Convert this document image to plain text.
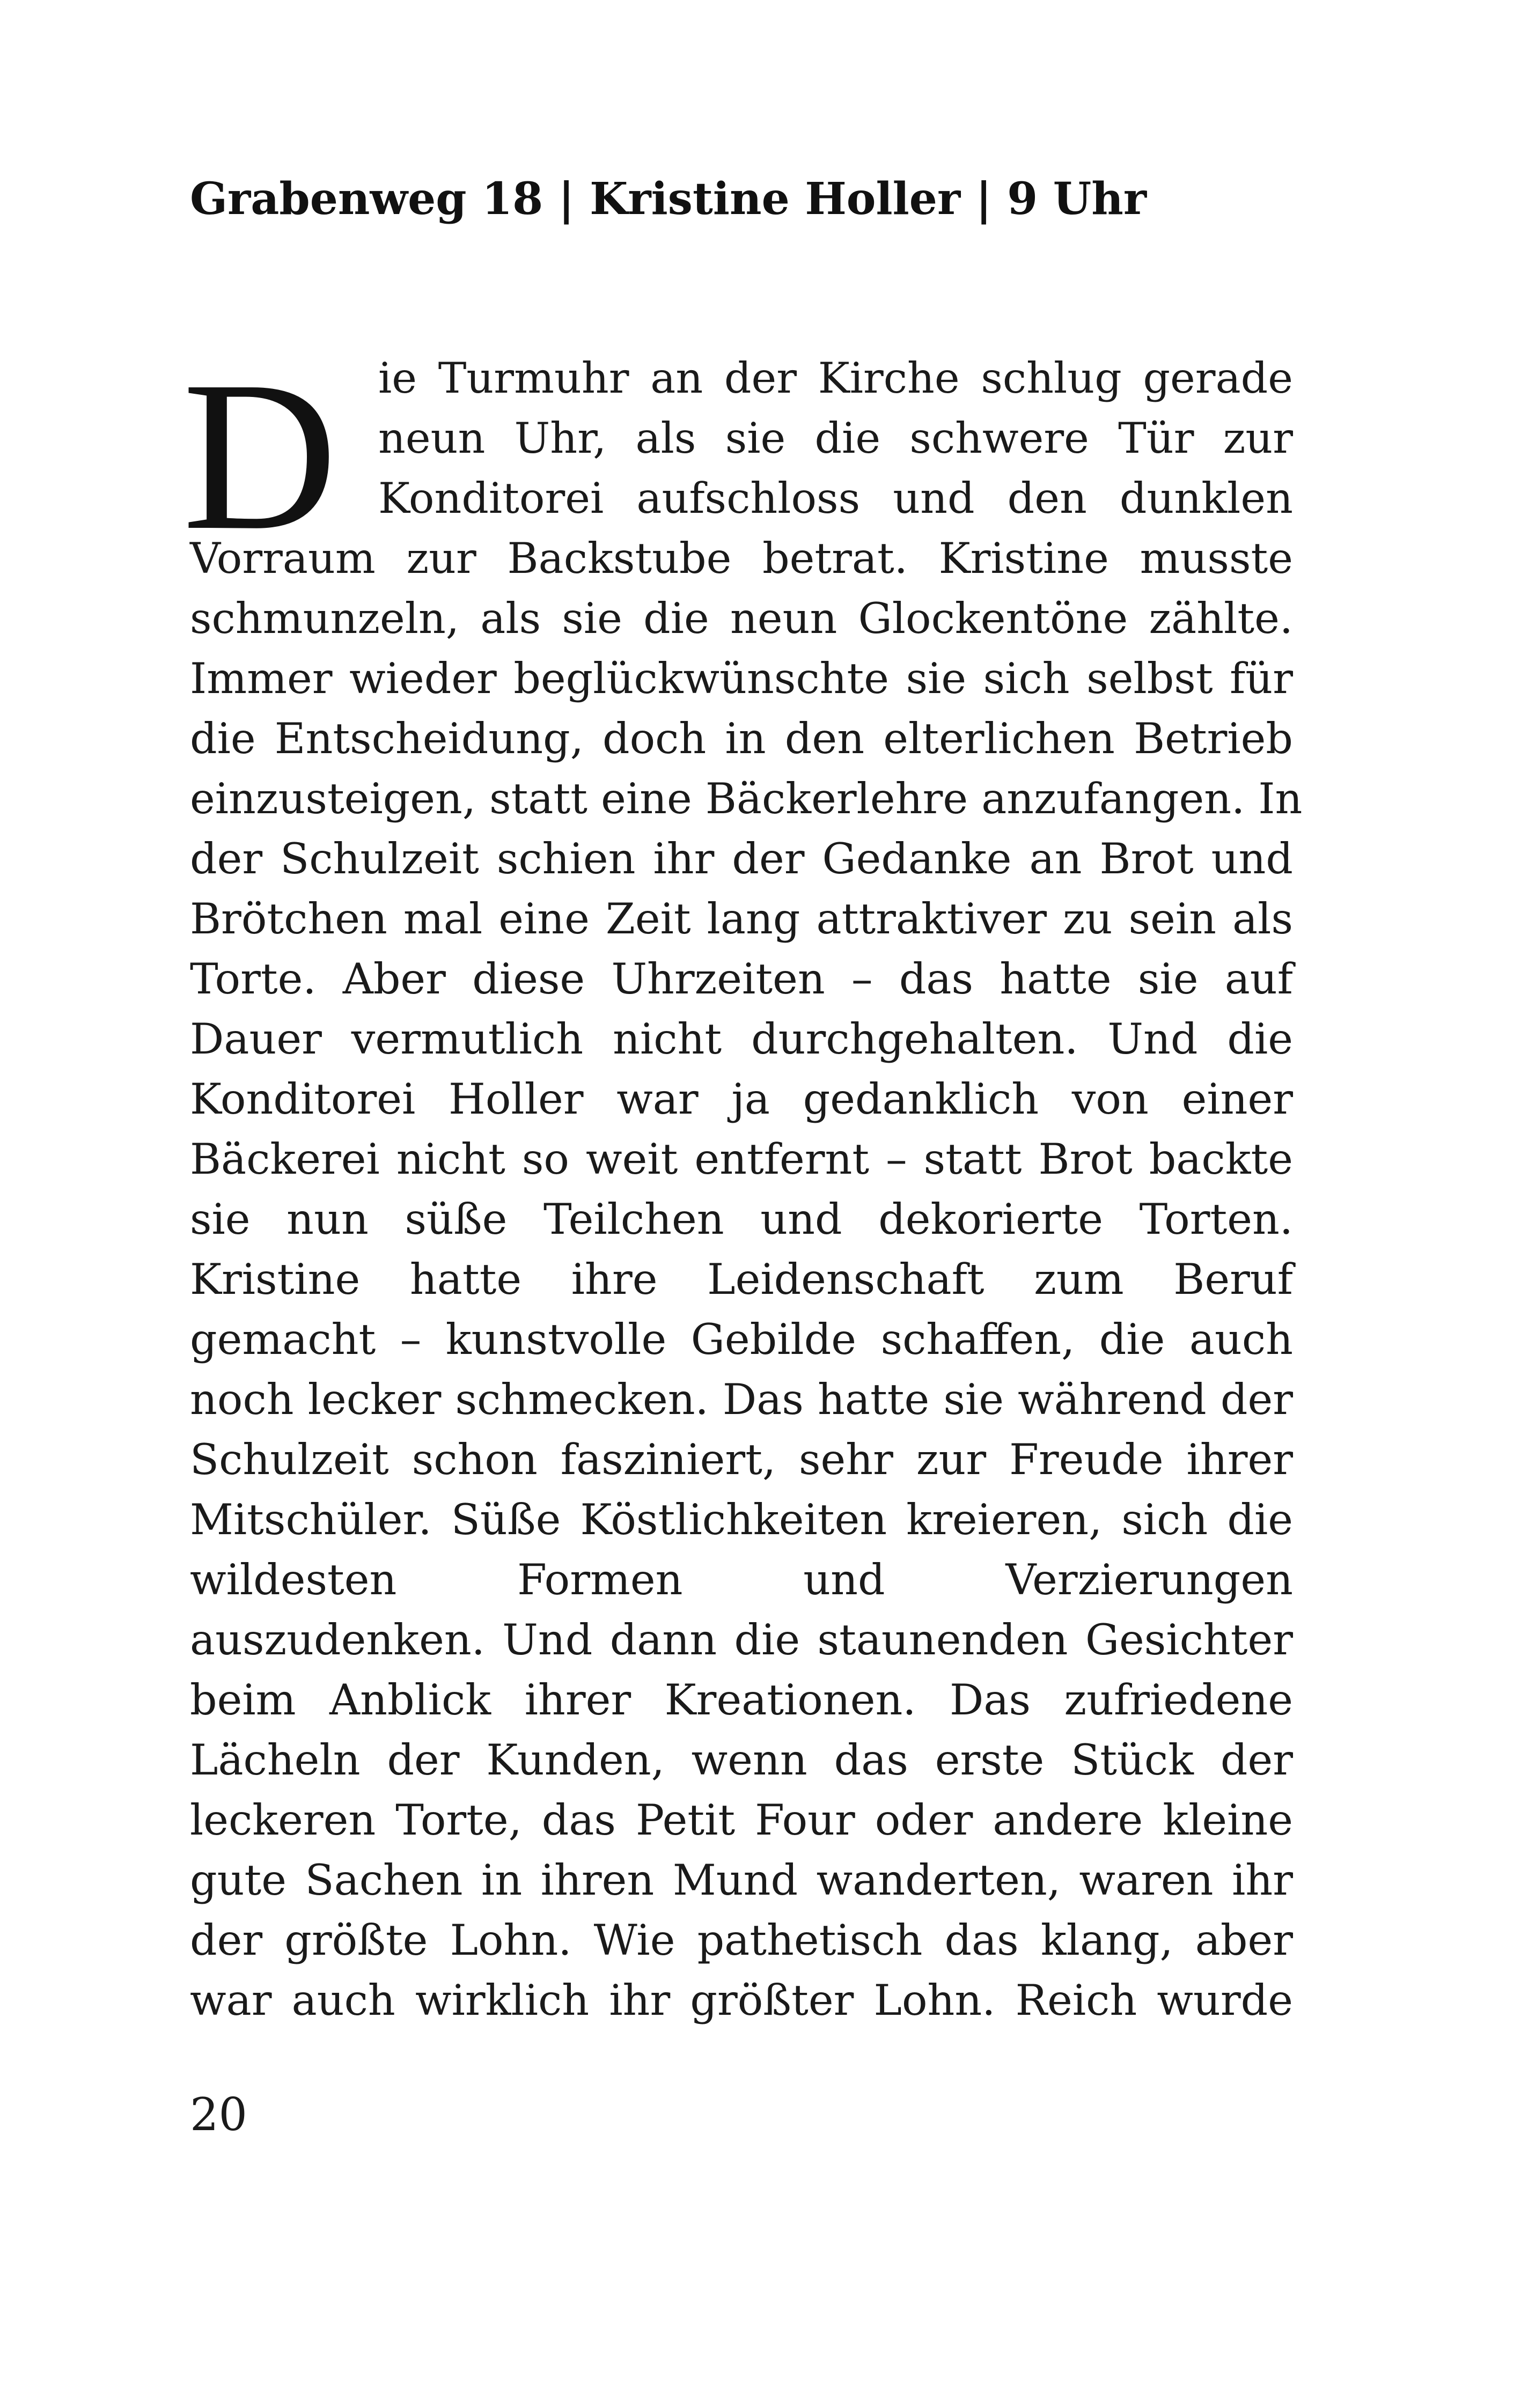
Grabenweg 18 | Kristine Holler | 9 Uhr
D ie Turmuhr an der Kirche schlug gerade
neun Uhr, als sie die schwere Tür zur
Konditorei aufschloss und den dunklen
Vorraum zur Backstube betrat. Kristine musste
schmunzeln, als sie die neun Glockentöne zählte.
Immer wieder beglückwünschte sie sich selbst für
die Entscheidung, doch in den elterlichen Betrieb
einzusteigen, statt eine Bäckerlehre anzufangen. In
der Schulzeit schien ihr der Gedanke an Brot und
Brötchen mal eine Zeit lang attraktiver zu sein als
Torte. Aber diese Uhrzeiten – das hatte sie auf
Dauer vermutlich nicht durchgehalten. Und die
Konditorei Holler war ja gedanklich von einer
Bäckerei nicht so weit entfernt – statt Brot backte
sie nun süße Teilchen und dekorierte Torten.
Kristine hatte ihre Leidenschaft zum Beruf
gemacht – kunstvolle Gebilde schaffen, die auch
noch lecker schmecken. Das hatte sie während der
Schulzeit schon fasziniert, sehr zur Freude ihrer
Mitschüler. Süße Köstlichkeiten kreieren, sich die
wildesten Formen und Verzierungen
auszudenken. Und dann die staunenden Gesichter
beim Anblick ihrer Kreationen. Das zufriedene
Lächeln der Kunden, wenn das erste Stück der
leckeren Torte, das Petit Four oder andere kleine
gute Sachen in ihren Mund wanderten, waren ihr
der größte Lohn. Wie pathetisch das klang, aber
war auch wirklich ihr größter Lohn. Reich wurde
20
